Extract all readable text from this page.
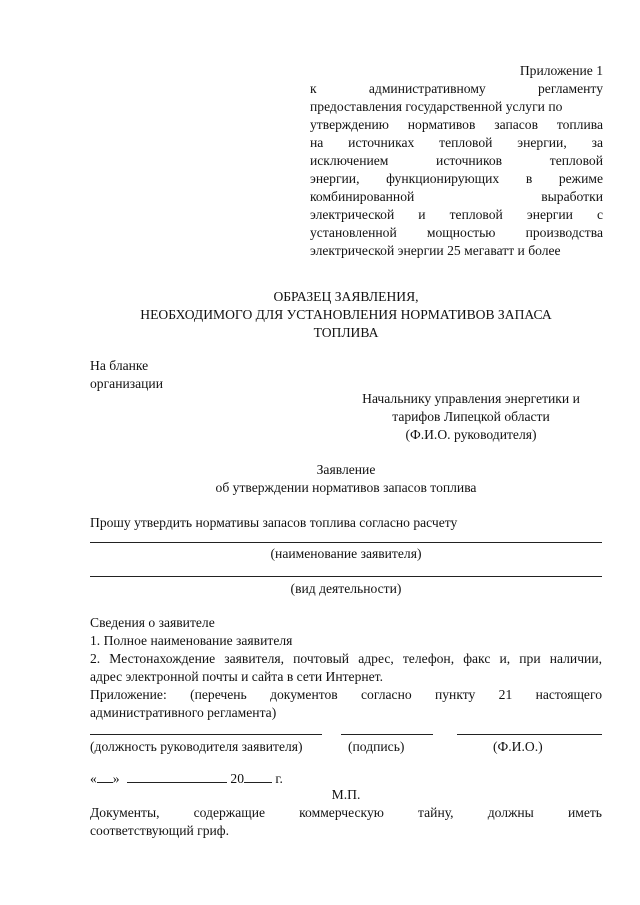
Приложение 1
к административному регламенту
предоставления государственной услуги по
утверждению нормативов запасов топлива
на источниках тепловой энергии, за
исключением источников тепловой
энергии, функционирующих в режиме
комбинированной выработки
электрической и тепловой энергии с
установленной мощностью производства
электрической энергии 25 мегаватт и более
ОБРАЗЕЦ ЗАЯВЛЕНИЯ,
НЕОБХОДИМОГО ДЛЯ УСТАНОВЛЕНИЯ НОРМАТИВОВ ЗАПАСА
ТОПЛИВА
На бланке
организации
Начальнику управления энергетики и
тарифов Липецкой области
(Ф.И.О. руководителя)
Заявление
об утверждении нормативов запасов топлива
Прошу утвердить нормативы запасов топлива согласно расчету
(наименование заявителя)
(вид деятельности)

Сведения о заявителе

1. Полное наименование заявителя

2. Местонахождение заявителя, почтовый адрес, телефон, факс и, при наличии,

адрес электронной почты и сайта в сети Интернет.

Приложение: (перечень документов согласно пункту 21 настоящего

административного регламента)

(должность руководителя заявителя)	(подпись)	(Ф.И.О.)
« »	20 г.
М.П.
Документы, содержащие коммерческую тайну, должны иметь
соответствующий гриф.
